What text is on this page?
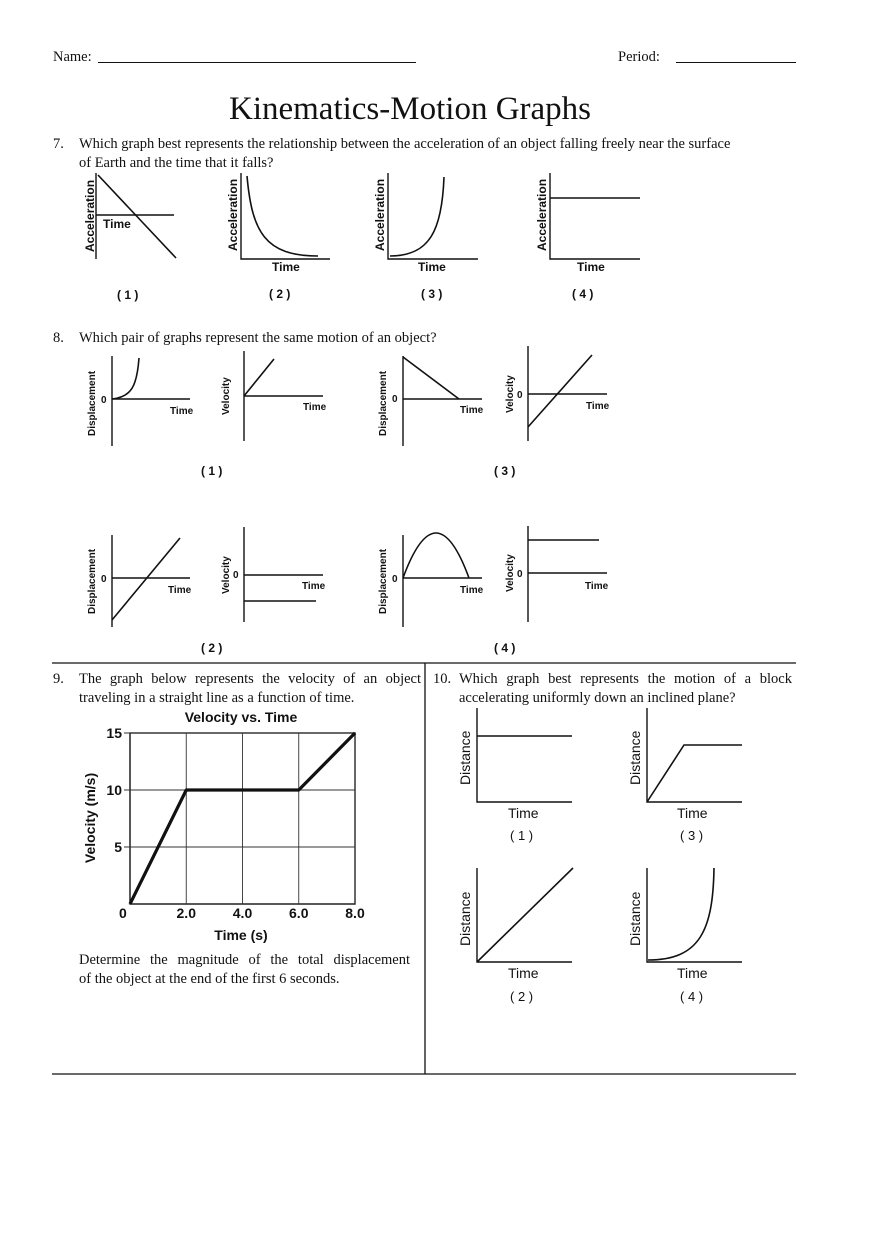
Name:	Period:
Kinematics-Motion Graphs
7. Which graph best represents the relationship between the acceleration of an object falling freely near the surface
of Earth and the time that it falls?
Acceleration Time
( 1 )
Acceleration
Time
( 2 )
Acceleration
Time
( 3 )
Acceleration
Time
( 4 )
Displacement 0
Time	Velocity	Time
( 1 )
Displacement 0
Time Velocity 0
Time
( 3 )
Displacement 0
Time	Velocity 0
Time
( 2 )
Displacement 0
Time Velocity 0
Time
( 4 )
Velocity vs. Time
Time (s)
Velocity (m/s)
0	2.0	4.0	6.0	8.0
5
10
15	Distance
Time
( 1 )
Distance
Time
( 3 )
Distance
Time
( 2 )
Distance
Time
( 4 )
8. Which pair of graphs represent the same motion of an object?
9. The graph below represents the velocity of an object
traveling in a straight line as a function of time.
Determine the magnitude of the total displacement
of the object at the end of the first 6 seconds.
10. Which graph best represents the motion of a block
accelerating uniformly down an inclined plane?
